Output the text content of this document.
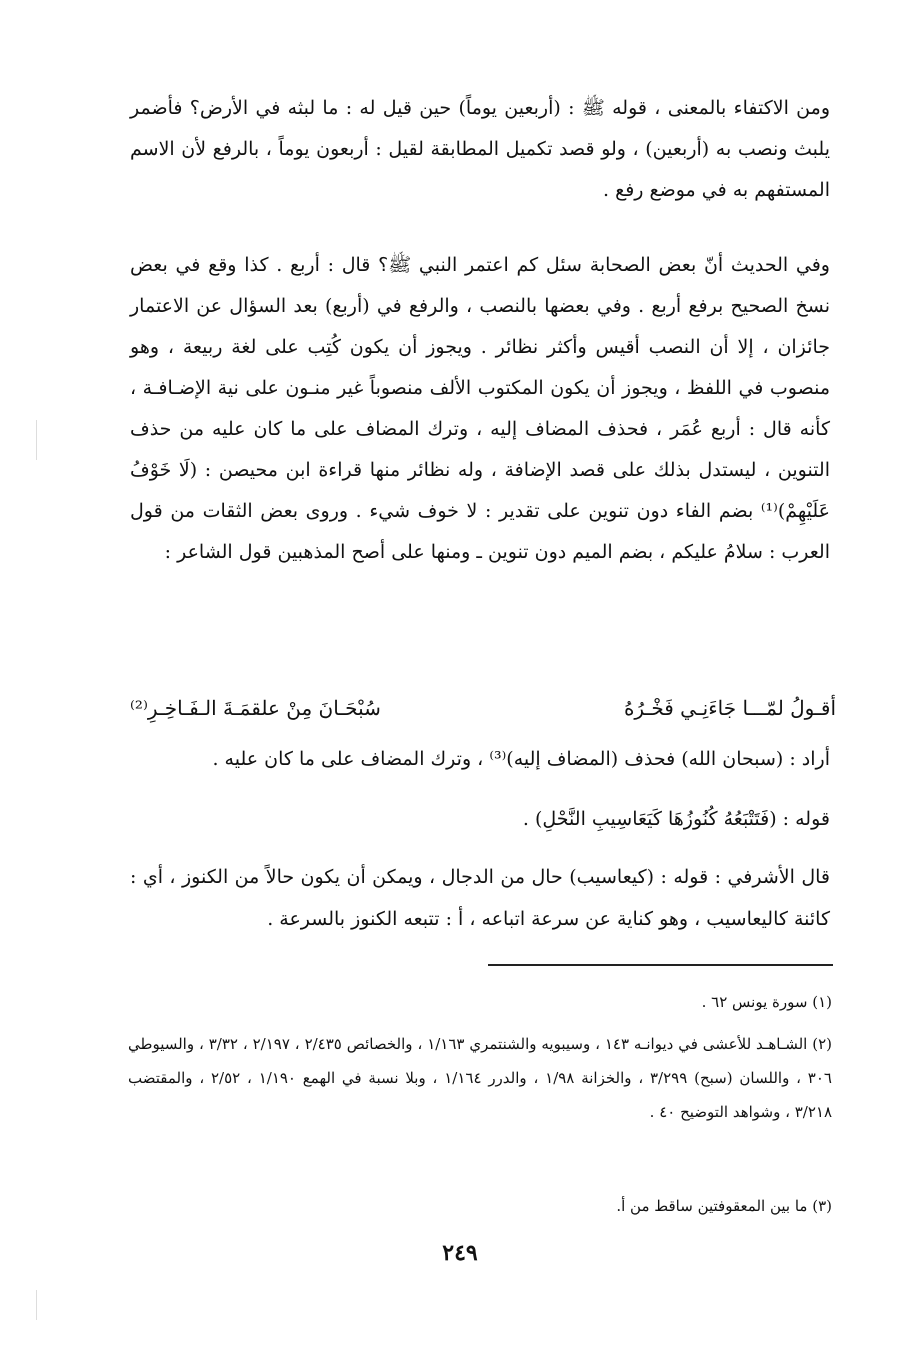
ومن الاكتفاء بالمعنى ، قوله ﷺ : (أربعين يوماً) حين قيل له : ما لبثه في الأرض؟ فأضمر يلبث ونصب به (أربعين) ، ولو قصد تكميل المطابقة لقيل : أربعون يوماً ، بالرفع لأن الاسم المستفهم به في موضع رفع .

وفي الحديث أنّ بعض الصحابة سئل كم اعتمر النبي ﷺ؟ قال : أربع . كذا وقع في بعض نسخ الصحيح برفع أربع . وفي بعضها بالنصب ، والرفع في (أربع) بعد السؤال عن الاعتمار جائزان ، إلا أن النصب أقيس وأكثر نظائر . ويجوز أن يكون كُتِب على لغة ربيعة ، وهو منصوب في اللفظ ، ويجوز أن يكون المكتوب الألف منصوباً غير منـون على نية الإضـافـة ، كأنه قال : أربع عُمَر ، فحذف المضاف إليه ، وترك المضاف على ما كان عليه من حذف التنوين ، ليستدل بذلك على قصد الإضافة ، وله نظائر منها قراءة ابن محيصن : (لَا خَوْفُ عَلَيْهِمْ)⁽¹⁾ بضم الفاء دون تنوين على تقدير : لا خوف شيء . وروى بعض الثقات من قول العرب : سلامُ عليكم ، بضم الميم دون تنوين ـ ومنها على أصح المذهبين قول الشاعر :

أقـولُ لمّـــا جَاءَنِـي فَخْـرُهُ
سُبْحَـانَ مِنْ علقمَـةَ الـفَـاخِـرِ⁽²⁾

أراد : (سبحان الله) فحذف (المضاف إليه)⁽³⁾ ، وترك المضاف على ما كان عليه .

قوله : (فَتَتْبَعُهُ كُنُوزُهَا كَيَعَاسِيبِ النَّحْلِ) .

قال الأشرفي : قوله : (كيعاسيب) حال من الدجال ، ويمكن أن يكون حالاً من الكنوز ، أي : كائنة كاليعاسيب ، وهو كناية عن سرعة اتباعه ، أ : تتبعه الكنوز بالسرعة .

(١) سورة يونس ٦٢ .

(٢) الشـاهـد للأعشى في ديوانـه ١٤٣ ، وسيبويه والشنتمري ١/١٦٣ ، والخصائص ٢/٤٣٥ ، ٢/١٩٧ ، ٣/٣٢ ، والسيوطي ٣٠٦ ، واللسان (سبح) ٣/٢٩٩ ، والخزانة ١/٩٨ ، والدرر ١/١٦٤ ، وبلا نسبة في الهمع ١/١٩٠ ، ٢/٥٢ ، والمقتضب ٣/٢١٨ ، وشواهد التوضيح ٤٠ .

(٣) ما بين المعقوفتين ساقط من أ.

٢٤٩
